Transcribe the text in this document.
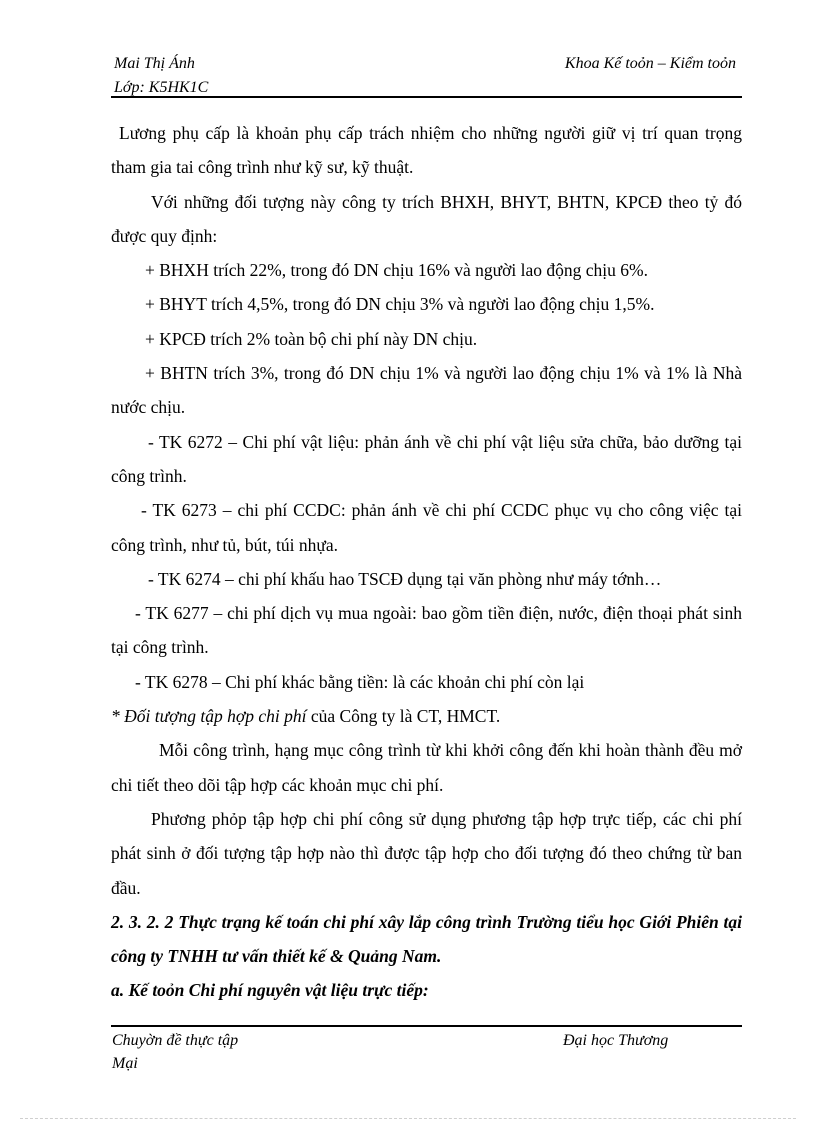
Mai Thị Ánh
Lớp: K5HK1C
Khoa Kế toỏn – Kiểm toỏn

Lương phụ cấp là khoản phụ cấp trách nhiệm cho những người giữ vị trí quan trọng tham gia tai công trình như kỹ sư, kỹ thuật.

Với những đối tượng này công ty trích BHXH, BHYT, BHTN, KPCĐ theo tỷ đó được quy định:

+ BHXH trích 22%, trong đó DN chịu 16% và người lao động chịu 6%.

+ BHYT trích 4,5%, trong đó DN chịu 3% và người lao động chịu 1,5%.

+ KPCĐ trích 2% toàn bộ chi phí này DN chịu.

+ BHTN trích 3%, trong đó DN chịu 1% và người lao động chịu 1% và 1% là Nhà nước chịu.

- TK 6272 – Chi phí vật liệu: phản ánh về chi phí vật liệu sửa chữa, bảo dưỡng tại công trình.

- TK 6273 – chi phí CCDC: phản ánh về chi phí CCDC phục vụ cho công việc tại công trình, như tủ, bút, túi nhựa.

- TK 6274 – chi phí khấu hao TSCĐ dụng tại văn phòng như máy tớnh…

- TK 6277 – chi phí dịch vụ mua ngoài: bao gồm tiền điện, nước, điện thoại phát sinh tại công trình.

- TK 6278 – Chi phí khác bằng tiền: là các khoản chi phí còn lại

* Đối tượng tập hợp chi phí của Công ty là CT, HMCT.

Mỗi công trình, hạng mục công trình từ khi khởi công đến khi hoàn thành đều mở chi tiết theo dõi tập hợp các khoản mục chi phí.

Phương phỏp tập hợp chi phí công sử dụng phương tập hợp trực tiếp, các chi phí phát sinh ở đối tượng tập hợp nào thì được tập hợp cho đối tượng đó theo chứng từ ban đầu.

2. 3. 2. 2 Thực trạng kế toán chi phí xây lắp công trình Trường tiểu học Giới Phiên tại công ty TNHH tư vấn thiết kế & Quảng Nam.

a. Kế toỏn Chi phí nguyên vật liệu trực tiếp:

Chuyờn đề thực tập
Mại
Đại học Thương
